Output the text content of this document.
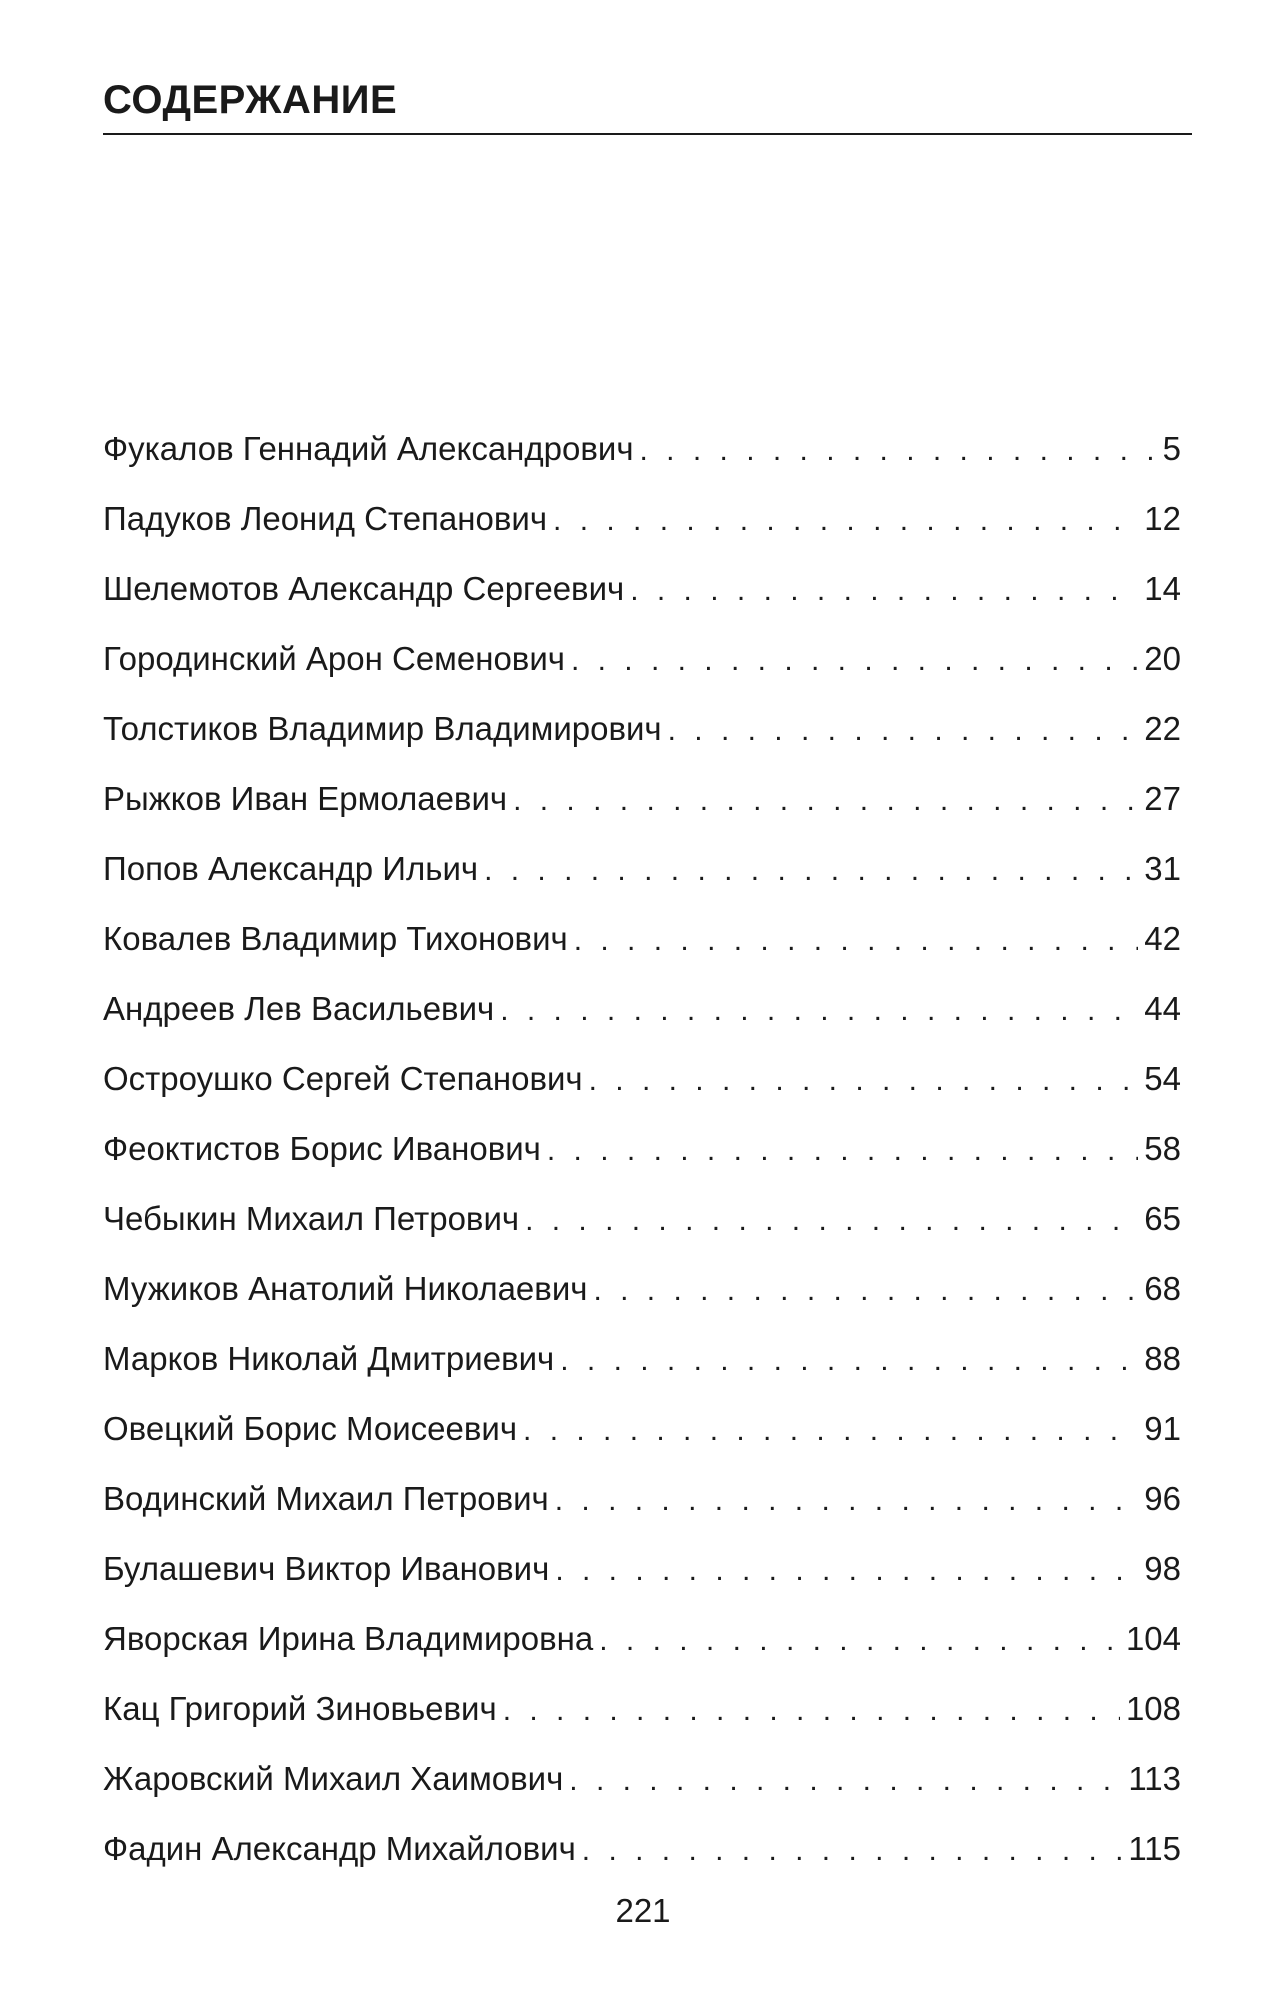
СОДЕРЖАНИЕ
Фукалов Геннадий Александрович . . .	5
Падуков Леонид Степанович . . .	12
Шелемотов Александр Сергеевич . . .	14
Городинский Арон Семенович . . .	20
Толстиков Владимир Владимирович . . .	22
Рыжков Иван Ермолаевич . . .	27
Попов Александр Ильич . . .	31
Ковалев Владимир Тихонович . . .	42
Андреев Лев Васильевич . . .	44
Остроушко Сергей Степанович . . .	54
Феоктистов Борис Иванович . . .	58
Чебыкин Михаил Петрович . . .	65
Мужиков Анатолий Николаевич . . .	68
Марков Николай Дмитриевич . . .	88
Овецкий Борис Моисеевич . . .	91
Водинский Михаил Петрович . . .	96
Булашевич Виктор Иванович . . .	98
Яворская Ирина Владимировна . . .	104
Кац Григорий Зиновьевич . . .	108
Жаровский Михаил Хаимович . . .	113
Фадин Александр Михайлович . . .	115
221
